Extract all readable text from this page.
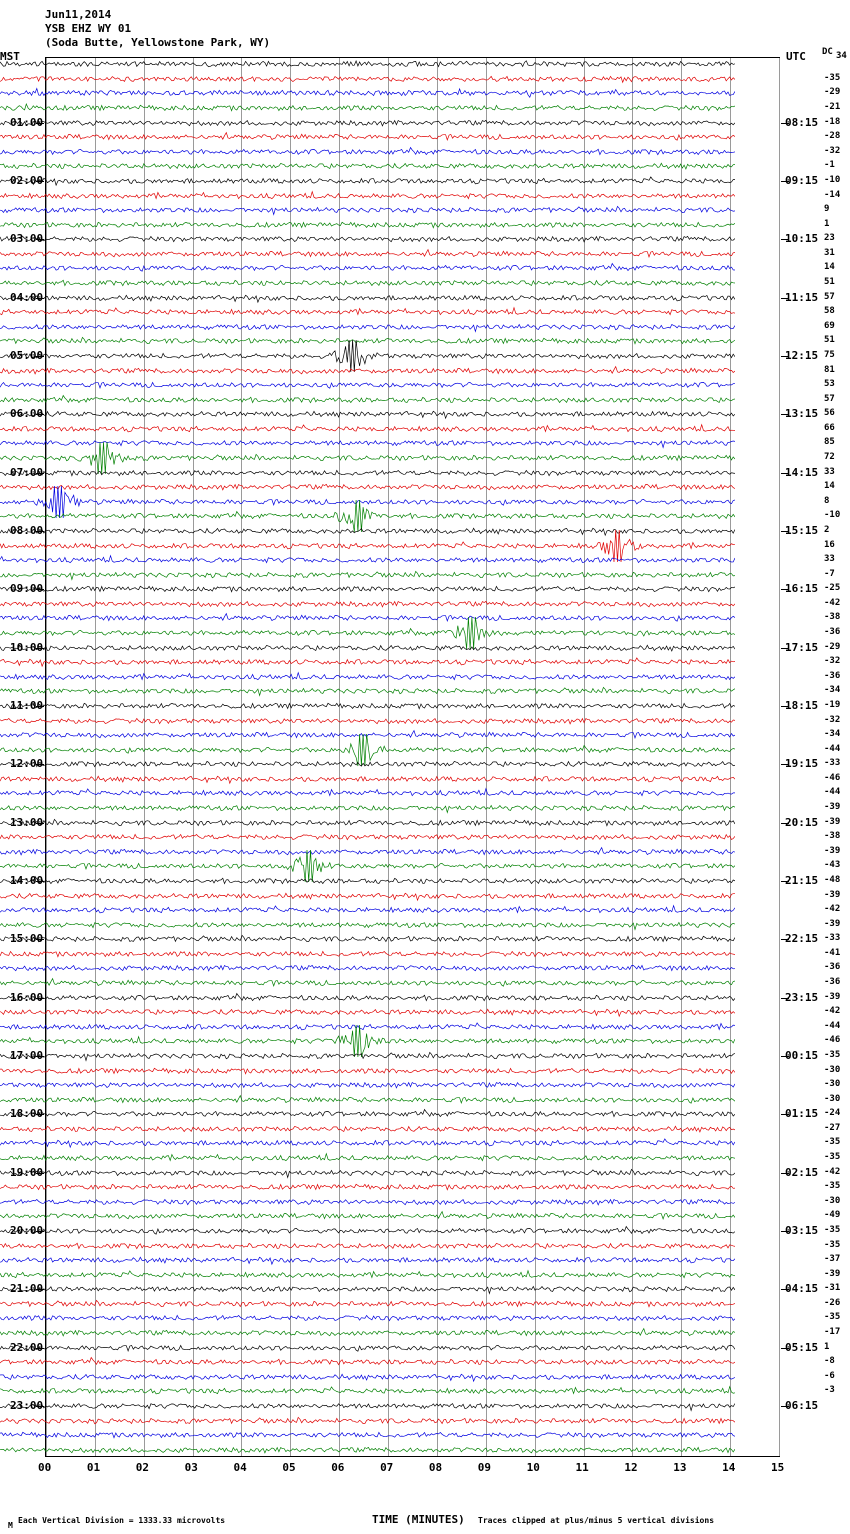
Jun11,2014
YSB EHZ WY 01
(Soda Butte, Yellowstone Park, WY)
MST	UTC DC 34
TIME (MINUTES)
Each Vertical Division = 1333.33 microvolts
M
Traces clipped at plus/minus 5 vertical divisions
01:00	08:15
02:00	09:15
03:00	10:15
04:00	11:15
05:00	12:15
06:00	13:15
07:00	14:15
08:00	15:15
09:00	16:15
10:00	17:15
11:00	18:15
12:00	19:15
13:00	20:15
14:00	21:15
15:00	22:15
16:00	23:15
17:00	00:15
18:00	01:15
19:00	02:15
20:00	03:15
21:00	04:15
22:00	05:15
23:00	06:15
-35
-29
-21
-18
-28
-32
-1
-10
-14
9
1
23
31
14
51
57
58
69
51
75
81
53
57
56
66
85
72
33
14
8
-10
2
16
33
-7
-25
-42
-38
-36
-29
-32
-36
-34
-19
-32
-34
-44
-33
-46
-44
-39
-39
-38
-39
-43
-48
-39
-42
-39
-33
-41
-36
-36
-39
-42
-44
-46
-35
-30
-30
-30
-24
-27
-35
-35
-42
-35
-30
-49
-35
-35
-37
-39
-31
-26
-35
-17
1
-8
-6
-3
00	01	02	03	04	05	06	07	08	09	10	11	12	13	14	15
